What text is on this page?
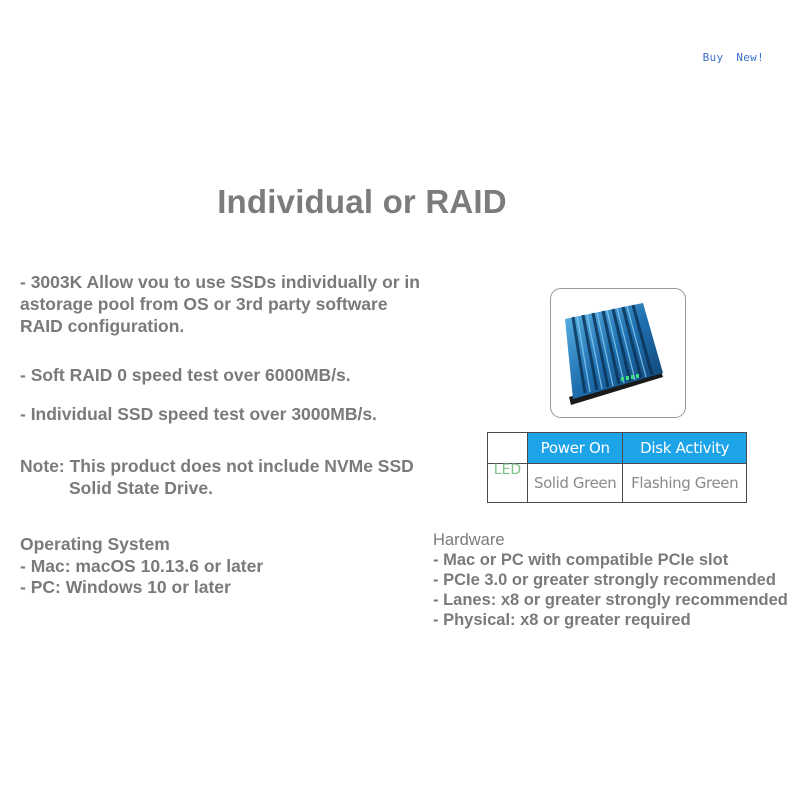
Buy New!
Individual or RAID
- 3003K Allow vou to use SSDs individually or in
astorage pool from OS or 3rd party software
RAID configuration.
- Soft RAID 0 speed test over 6000MB/s.
- Individual SSD speed test over 3000MB/s.
Note: This product does not include NVMe SSD
Solid State Drive.
Operating System
- Mac: macOS 10.13.6 or later
- PC: Windows 10 or later
	Power On	Disk Activity
LED	Solid Green	Flashing Green
Hardware
- Mac or PC with compatible PCIe slot
- PCIe 3.0 or greater strongly recommended
- Lanes: x8 or greater strongly recommended
- Physical: x8 or greater required
